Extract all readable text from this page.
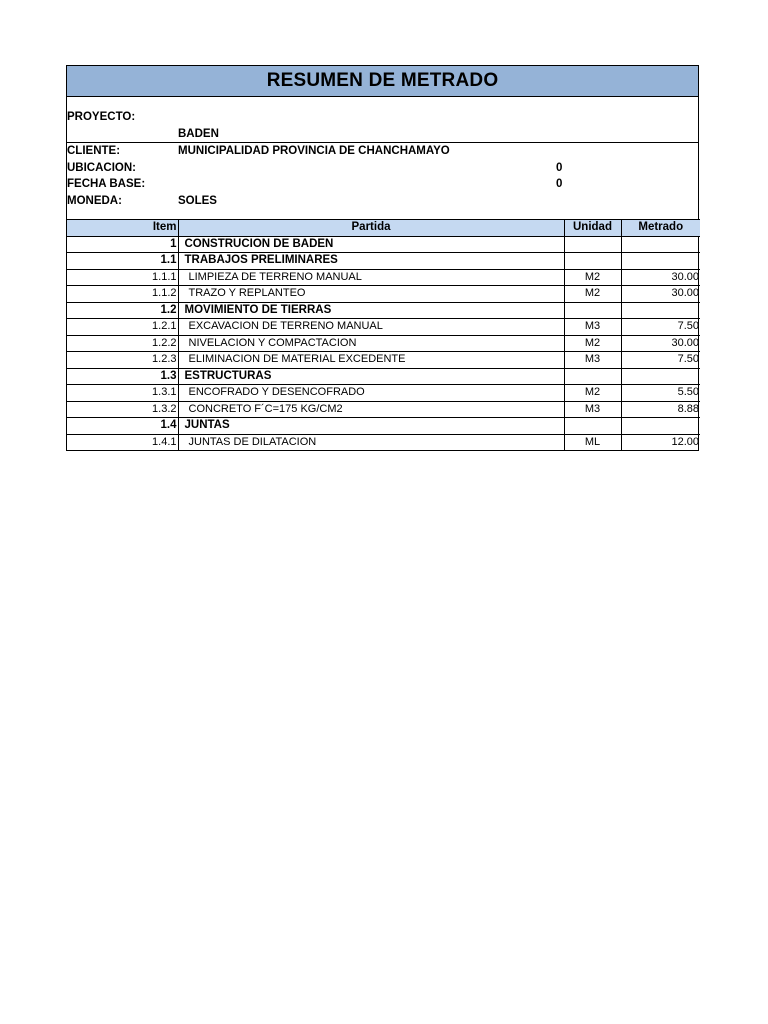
RESUMEN DE METRADO
PROYECTO:
BADEN
CLIENTE:	MUNICIPALIDAD PROVINCIA DE CHANCHAMAYO
UBICACION:	0
FECHA BASE:	0
MONEDA:	SOLES
Item	Partida	Unidad	Metrado
1	CONSTRUCION DE BADEN		
1.1	TRABAJOS PRELIMINARES		
1.1.1	LIMPIEZA DE TERRENO MANUAL	M2	30.00
1.1.2	TRAZO Y REPLANTEO	M2	30.00
1.2	MOVIMIENTO DE TIERRAS		
1.2.1	EXCAVACION DE TERRENO MANUAL	M3	7.50
1.2.2	NIVELACION Y COMPACTACION	M2	30.00
1.2.3	ELIMINACION DE MATERIAL EXCEDENTE	M3	7.50
1.3	ESTRUCTURAS		
1.3.1	ENCOFRADO Y DESENCOFRADO	M2	5.50
1.3.2	CONCRETO F´C=175 KG/CM2	M3	8.88
1.4	JUNTAS		
1.4.1	JUNTAS DE DILATACION	ML	12.00
